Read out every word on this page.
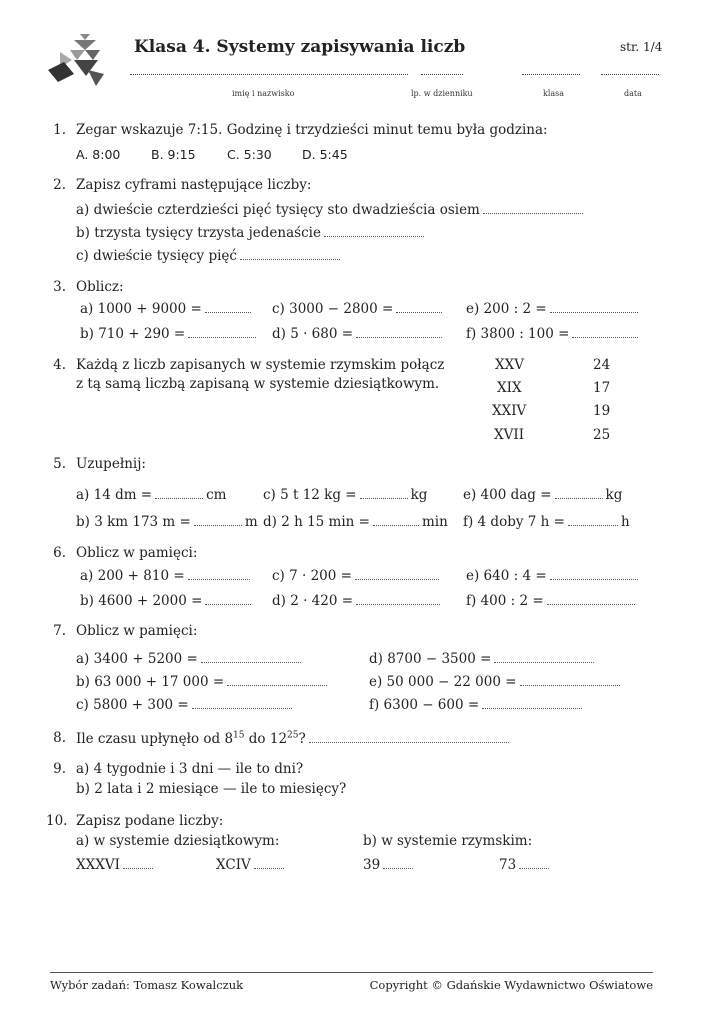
Klasa 4. Systemy zapisywania liczb	str. 1/4
imię i nazwisko	lp. w dzienniku	klasa	data
1. Zegar wskazuje 7:15. Godzinę i trzydzieści minut temu była godzina:
A. 8:00 B. 9:15	C. 5:30 D. 5:45
2. Zapisz cyframi następujące liczby:
a) dwieście czterdzieści pięć tysięcy sto dwadzieścia osiem
b) trzysta tysięcy trzysta jedenaście
c) dwieście tysięcy pięć
3. Oblicz:
a) 1000 + 9000 =	c) 3000 − 2800 =	e) 200 : 2 =
b) 710 + 290 =	d) 5 · 680 =	f) 3800 : 100 =
4. Każdą z liczb zapisanych w systemie rzymskim połącz
z tą samą liczbą zapisaną w systemie dziesiątkowym.
XXV
XIX
XXIV
XVII
24
17
19
25
5. Uzupełnij:
a) 14 dm =	cm	c) 5 t 12 kg =	kg	e) 400 dag =	kg
b) 3 km 173 m =	m d) 2 h 15 min =	min f) 4 doby 7 h =	h
6. Oblicz w pamięci:
a) 200 + 810 =	c) 7 · 200 =	e) 640 : 4 =
b) 4600 + 2000 =	d) 2 · 420 =	f) 400 : 2 =
7. Oblicz w pamięci:
a) 3400 + 5200 =	d) 8700 − 3500 =
b) 63 000 + 17 000 =	e) 50 000 − 22 000 =
c) 5800 + 300 =	f) 6300 − 600 =
8. Ile czasu upłynęło od $8^{15}$ do $12^{25}$?
9. a) 4 tygodnie i 3 dni — ile to dni?
b) 2 lata i 2 miesiące — ile to miesięcy?
10. Zapisz podane liczby:
a) w systemie dziesiątkowym:	b) w systemie rzymskim:
XXXVI	XCIV	39	73
Wybór zadań: Tomasz Kowalczuk	Copyright © Gdańskie Wydawnictwo Oświatowe
